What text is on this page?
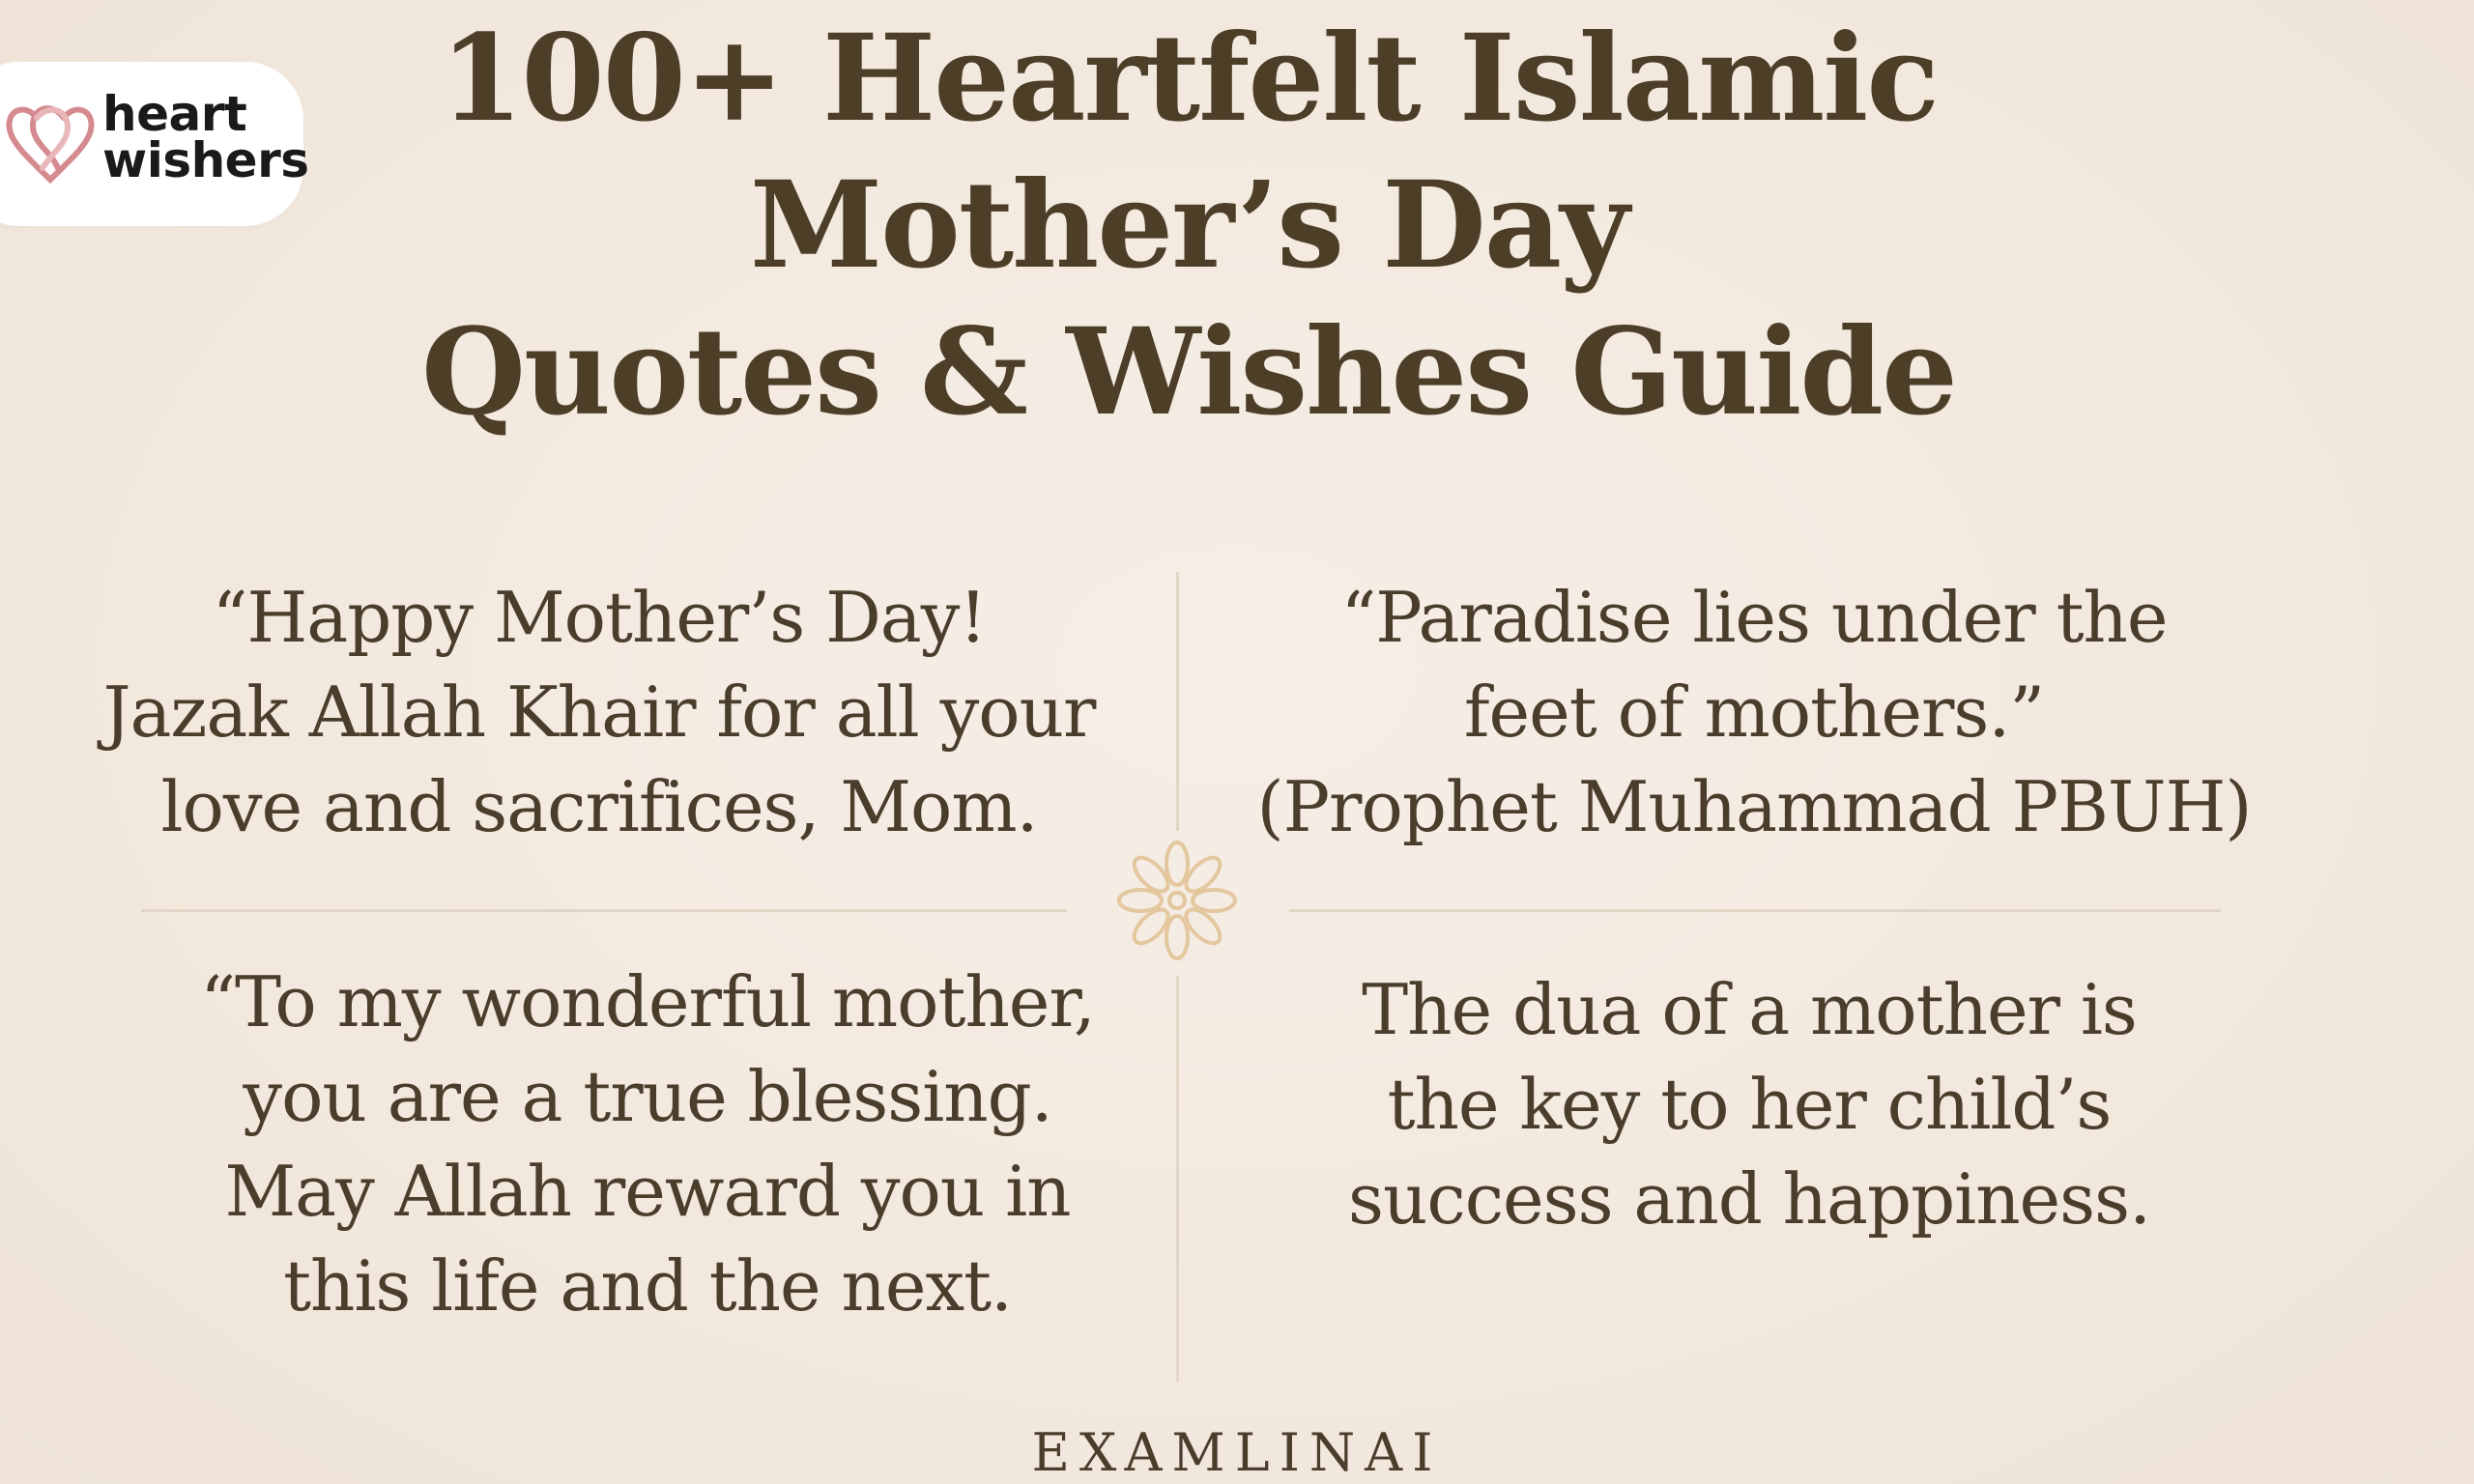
heart
wishers
100+ Heartfelt Islamic
Mother’s Day
Quotes & Wishes Guide

“Happy Mother’s Day!
Jazak Allah Khair for all your
love and sacrifices, Mom.

“Paradise lies under the
feet of mothers.”
(Prophet Muhammad PBUH)

“To my wonderful mother,
you are a true blessing.
May Allah reward you in
this life and the next.

The dua of a mother is
the key to her child’s
success and happiness.

EXAMLINAI
